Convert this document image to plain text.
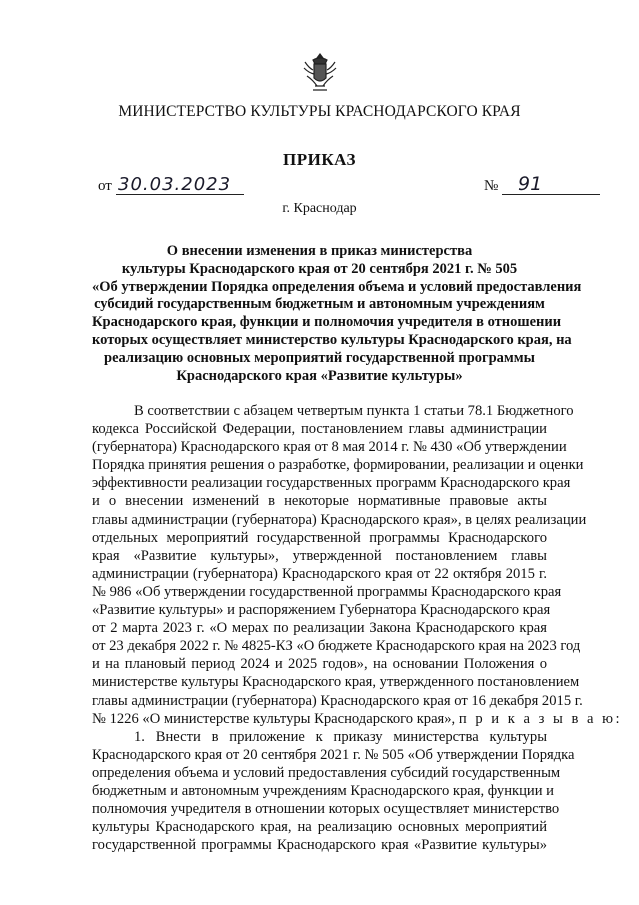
МИНИСТЕРСТВО КУЛЬТУРЫ КРАСНОДАРСКОГО КРАЯ
ПРИКАЗ
от 30.03.2023	№ 91
г. Краснодар
О внесении изменения в приказ министерства
культуры Краснодарского края от 20 сентября 2021 г. № 505
«Об утверждении Порядка определения объема и условий предоставления
субсидий государственным бюджетным и автономным учреждениям
Краснодарского края, функции и полномочия учредителя в отношении
которых осуществляет министерство культуры Краснодарского края, на
реализацию основных мероприятий государственной программы
Краснодарского края «Развитие культуры»
В соответствии с абзацем четвертым пункта 1 статьи 78.1 Бюджетного
кодекса Российской Федерации, постановлением главы администрации
(губернатора) Краснодарского края от 8 мая 2014 г. № 430 «Об утверждении
Порядка принятия решения о разработке, формировании, реализации и оценки
эффективности реализации государственных программ Краснодарского края
и о внесении изменений в некоторые нормативные правовые акты
главы администрации (губернатора) Краснодарского края», в целях реализации
отдельных мероприятий государственной программы Краснодарского
края «Развитие культуры», утвержденной постановлением главы
администрации (губернатора) Краснодарского края от 22 октября 2015 г.
№ 986 «Об утверждении государственной программы Краснодарского края
«Развитие культуры» и распоряжением Губернатора Краснодарского края
от 2 марта 2023 г. «О мерах по реализации Закона Краснодарского края
от 23 декабря 2022 г. № 4825-КЗ «О бюджете Краснодарского края на 2023 год
и на плановый период 2024 и 2025 годов», на основании Положения о
министерстве культуры Краснодарского края, утвержденного постановлением
главы администрации (губернатора) Краснодарского края от 16 декабря 2015 г.
№ 1226 «О министерстве культуры Краснодарского края», п р и к а з ы в а ю:
1. Внести в приложение к приказу министерства культуры
Краснодарского края от 20 сентября 2021 г. № 505 «Об утверждении Порядка
определения объема и условий предоставления субсидий государственным
бюджетным и автономным учреждениям Краснодарского края, функции и
полномочия учредителя в отношении которых осуществляет министерство
культуры Краснодарского края, на реализацию основных мероприятий
государственной программы Краснодарского края «Развитие культуры»
